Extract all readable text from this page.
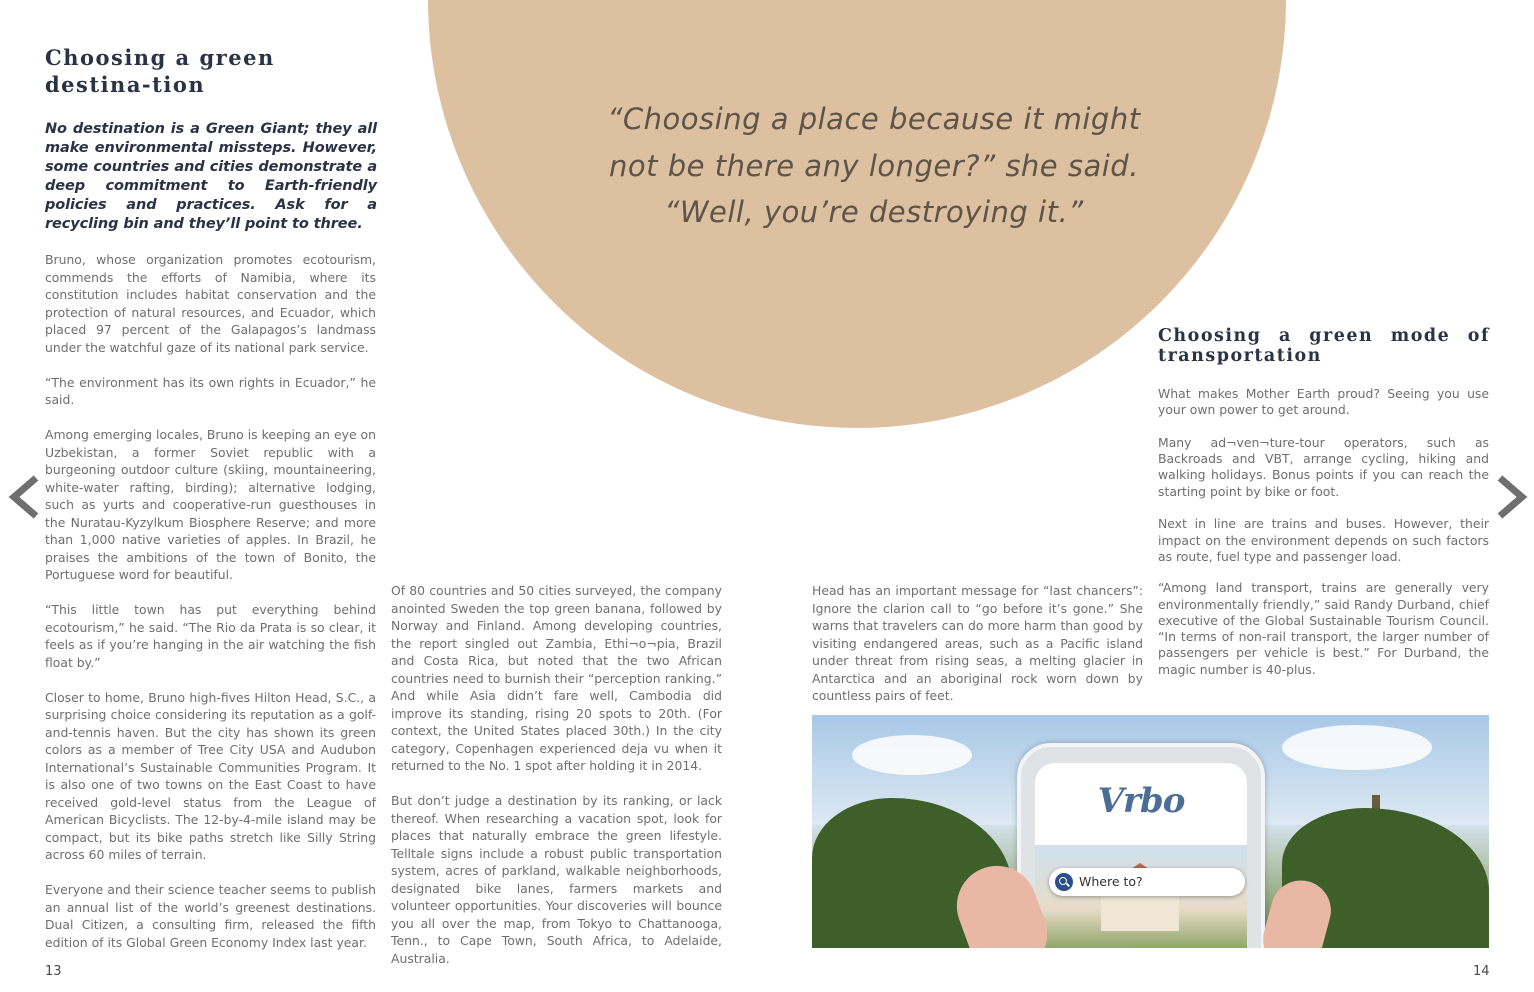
“Choosing a place because it might
not be there any longer?” she said.
“Well, you’re destroying it.”
Choosing a green destina-tion
No destination is a Green Giant; they all make environmental missteps. However, some countries and cities demonstrate a deep commitment to Earth-friendly policies and practices. Ask for a recycling bin and they’ll point to three.

Bruno, whose organization promotes ecotourism, commends the efforts of Namibia, where its constitution includes habitat conservation and the protection of natural resources, and Ecuador, which placed 97 percent of the Galapagos’s landmass under the watchful gaze of its national park service.

“The environment has its own rights in Ecuador,” he said.

Among emerging locales, Bruno is keeping an eye on Uzbekistan, a former Soviet republic with a burgeoning outdoor culture (skiing, mountaineering, white-water rafting, birding); alternative lodging, such as yurts and cooperative-run guesthouses in the Nuratau-Kyzylkum Biosphere Reserve; and more than 1,000 native varieties of apples. In Brazil, he praises the ambitions of the town of Bonito, the Portuguese word for beautiful.

“This little town has put everything behind ecotourism,” he said. “The Rio da Prata is so clear, it feels as if you’re hanging in the air watching the fish float by.”

Closer to home, Bruno high-fives Hilton Head, S.C., a surprising choice considering its reputation as a golf-and-tennis haven. But the city has shown its green colors as a member of Tree City USA and Audubon International’s Sustainable Communities Program. It is also one of two towns on the East Coast to have received gold-level status from the League of American Bicyclists. The 12-by-4-mile island may be compact, but its bike paths stretch like Silly String across 60 miles of terrain.

Everyone and their science teacher seems to publish an annual list of the world’s greenest destinations. Dual Citizen, a consulting firm, released the fifth edition of its Global Green Economy Index last year.

Of 80 countries and 50 cities surveyed, the company anointed Sweden the top green banana, followed by Norway and Finland. Among developing countries, the report singled out Zambia, Ethi¬o¬pia, Brazil and Costa Rica, but noted that the two African countries need to burnish their “perception ranking.” And while Asia didn’t fare well, Cambodia did improve its standing, rising 20 spots to 20th. (For context, the United States placed 30th.) In the city category, Copenhagen experienced deja vu when it returned to the No. 1 spot after holding it in 2014.

But don’t judge a destination by its ranking, or lack thereof. When researching a vacation spot, look for places that naturally embrace the green lifestyle. Telltale signs include a robust public transportation system, acres of parkland, walkable neighborhoods, designated bike lanes, farmers markets and volunteer opportunities. Your discoveries will bounce you all over the map, from Tokyo to Chattanooga, Tenn., to Cape Town, South Africa, to Adelaide, Australia.

Head has an important message for “last chancers”: Ignore the clarion call to “go before it’s gone.” She warns that travelers can do more harm than good by visiting endangered areas, such as a Pacific island under threat from rising seas, a melting glacier in Antarctica and an aboriginal rock worn down by countless pairs of feet.

Choosing a green mode of
transportation

What makes Mother Earth proud? Seeing you use your own power to get around.

Many ad¬ven¬ture-tour operators, such as Backroads and VBT, arrange cycling, hiking and walking holidays. Bonus points if you can reach the starting point by bike or foot.

Next in line are trains and buses. However, their impact on the environment depends on such factors as route, fuel type and passenger load.

“Among land transport, trains are generally very environmentally friendly,” said Randy Durband, chief executive of the Global Sustainable Tourism Council. “In terms of non-rail transport, the larger number of passengers per vehicle is best.” For Durband, the magic number is 40-plus.

Vrbo
Where to?
13	14
